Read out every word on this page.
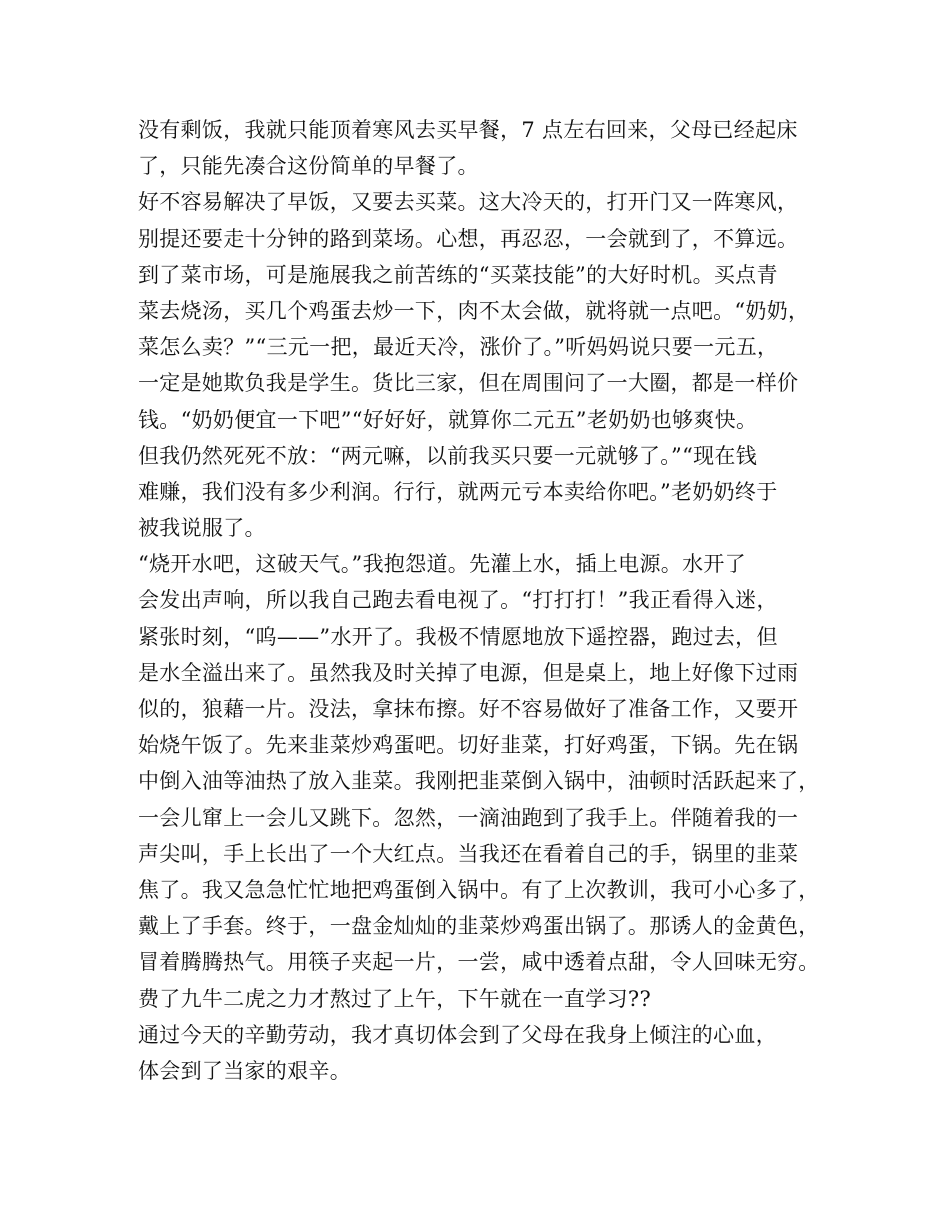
没有剩饭，我就只能顶着寒风去买早餐，7 点左右回来，父母已经起床
了，只能先凑合这份简单的早餐了。
好不容易解决了早饭，又要去买菜。这大冷天的，打开门又一阵寒风，
别提还要走十分钟的路到菜场。心想，再忍忍，一会就到了，不算远。
到了菜市场，可是施展我之前苦练的“买菜技能”的大好时机。买点青
菜去烧汤，买几个鸡蛋去炒一下，肉不太会做，就将就一点吧。“奶奶，
菜怎么卖？”“三元一把，最近天冷，涨价了。”听妈妈说只要一元五，
一定是她欺负我是学生。货比三家，但在周围问了一大圈，都是一样价
钱。“奶奶便宜一下吧”“好好好，就算你二元五”老奶奶也够爽快。
但我仍然死死不放：“两元嘛，以前我买只要一元就够了。”“现在钱
难赚，我们没有多少利润。行行，就两元亏本卖给你吧。”老奶奶终于
被我说服了。
“烧开水吧，这破天气。”我抱怨道。先灌上水，插上电源。水开了
会发出声响，所以我自己跑去看电视了。“打打打！”我正看得入迷，
紧张时刻，“呜——”水开了。我极不情愿地放下遥控器，跑过去，但
是水全溢出来了。虽然我及时关掉了电源，但是桌上，地上好像下过雨
似的，狼藉一片。没法，拿抹布擦。好不容易做好了准备工作，又要开
始烧午饭了。先来韭菜炒鸡蛋吧。切好韭菜，打好鸡蛋，下锅。先在锅
中倒入油等油热了放入韭菜。我刚把韭菜倒入锅中，油顿时活跃起来了，
一会儿窜上一会儿又跳下。忽然，一滴油跑到了我手上。伴随着我的一
声尖叫，手上长出了一个大红点。当我还在看着自己的手，锅里的韭菜
焦了。我又急急忙忙地把鸡蛋倒入锅中。有了上次教训，我可小心多了，
戴上了手套。终于，一盘金灿灿的韭菜炒鸡蛋出锅了。那诱人的金黄色，
冒着腾腾热气。用筷子夹起一片，一尝，咸中透着点甜，令人回味无穷。
费了九牛二虎之力才熬过了上午，下午就在一直学习??
通过今天的辛勤劳动，我才真切体会到了父母在我身上倾注的心血，
体会到了当家的艰辛。
